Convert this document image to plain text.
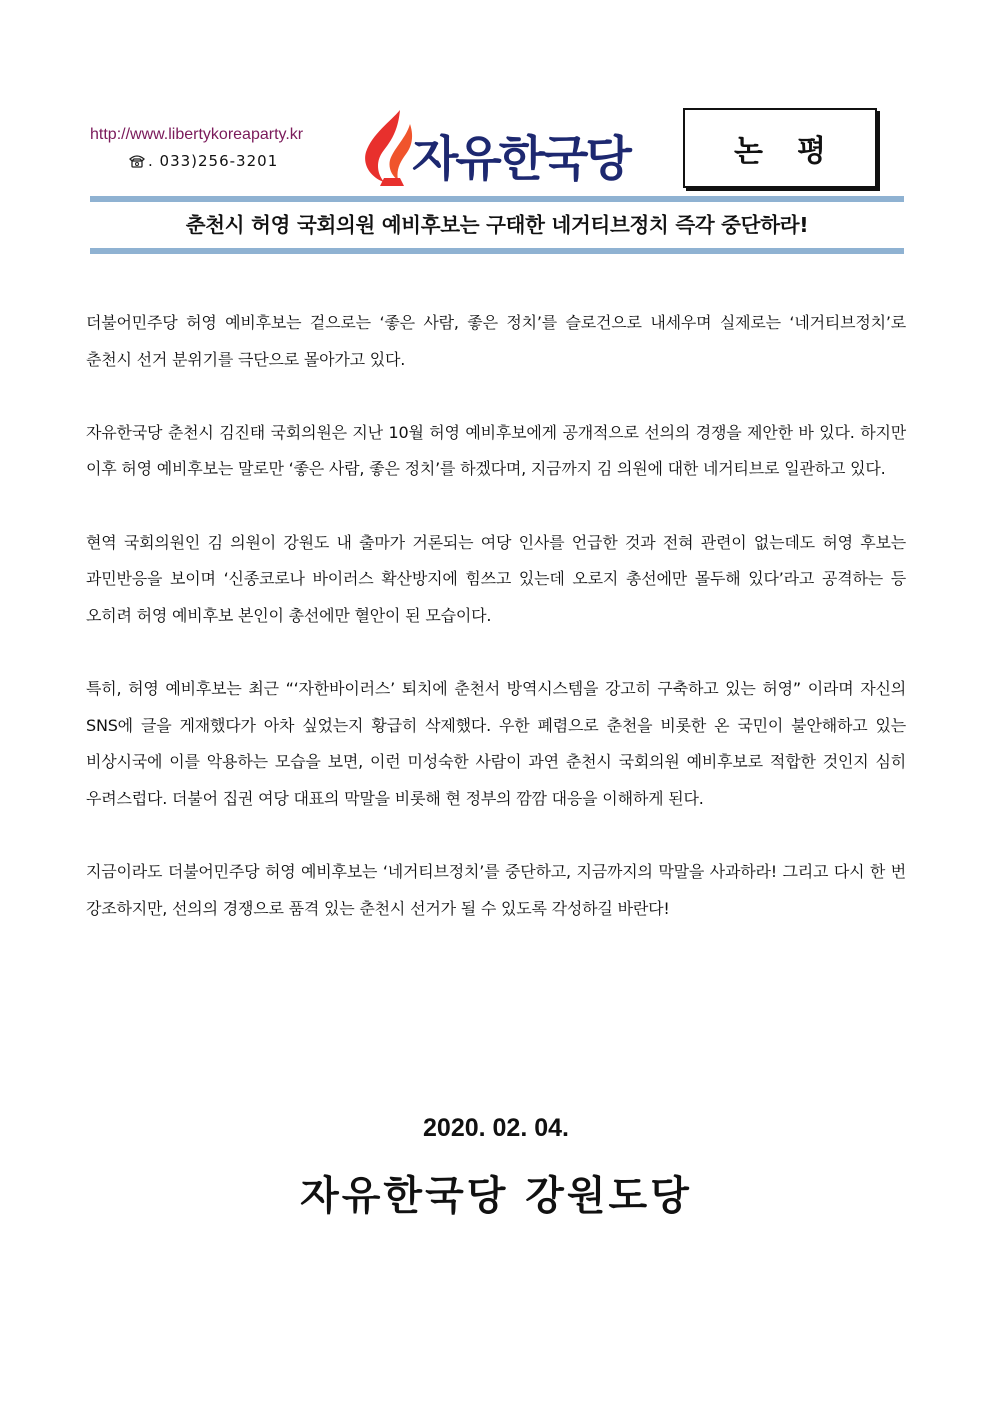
http://www.libertykoreaparty.kr
. 033)256-3201	자유한국당	논평
춘천시 허영 국회의원 예비후보는 구태한 네거티브정치 즉각 중단하라!

더불어민주당 허영 예비후보는 겉으로는 ‘좋은 사람, 좋은 정치’를 슬로건으로 내세우며 실제로는 ‘네거티브정치’로 춘천시 선거 분위기를 극단으로 몰아가고 있다.

자유한국당 춘천시 김진태 국회의원은 지난 10월 허영 예비후보에게 공개적으로 선의의 경쟁을 제안한 바 있다. 하지만 이후 허영 예비후보는 말로만 ‘좋은 사람, 좋은 정치’를 하겠다며, 지금까지 김 의원에 대한 네거티브로 일관하고 있다.

현역 국회의원인 김 의원이 강원도 내 출마가 거론되는 여당 인사를 언급한 것과 전혀 관련이 없는데도 허영 후보는 과민반응을 보이며 ‘신종코로나 바이러스 확산방지에 힘쓰고 있는데 오로지 총선에만 몰두해 있다’라고 공격하는 등 오히려 허영 예비후보 본인이 총선에만 혈안이 된 모습이다.

특히, 허영 예비후보는 최근 “‘자한바이러스’ 퇴치에 춘천서 방역시스템을 강고히 구축하고 있는 허영” 이라며 자신의 SNS에 글을 게재했다가 아차 싶었는지 황급히 삭제했다. 우한 폐렴으로 춘천을 비롯한 온 국민이 불안해하고 있는 비상시국에 이를 악용하는 모습을 보면, 이런 미성숙한 사람이 과연 춘천시 국회의원 예비후보로 적합한 것인지 심히 우려스럽다. 더불어 집권 여당 대표의 막말을 비롯해 현 정부의 깜깜 대응을 이해하게 된다.

지금이라도 더불어민주당 허영 예비후보는 ‘네거티브정치’를 중단하고, 지금까지의 막말을 사과하라! 그리고 다시 한 번 강조하지만, 선의의 경쟁으로 품격 있는 춘천시 선거가 될 수 있도록 각성하길 바란다!

2020. 02. 04.
자유한국당 강원도당
